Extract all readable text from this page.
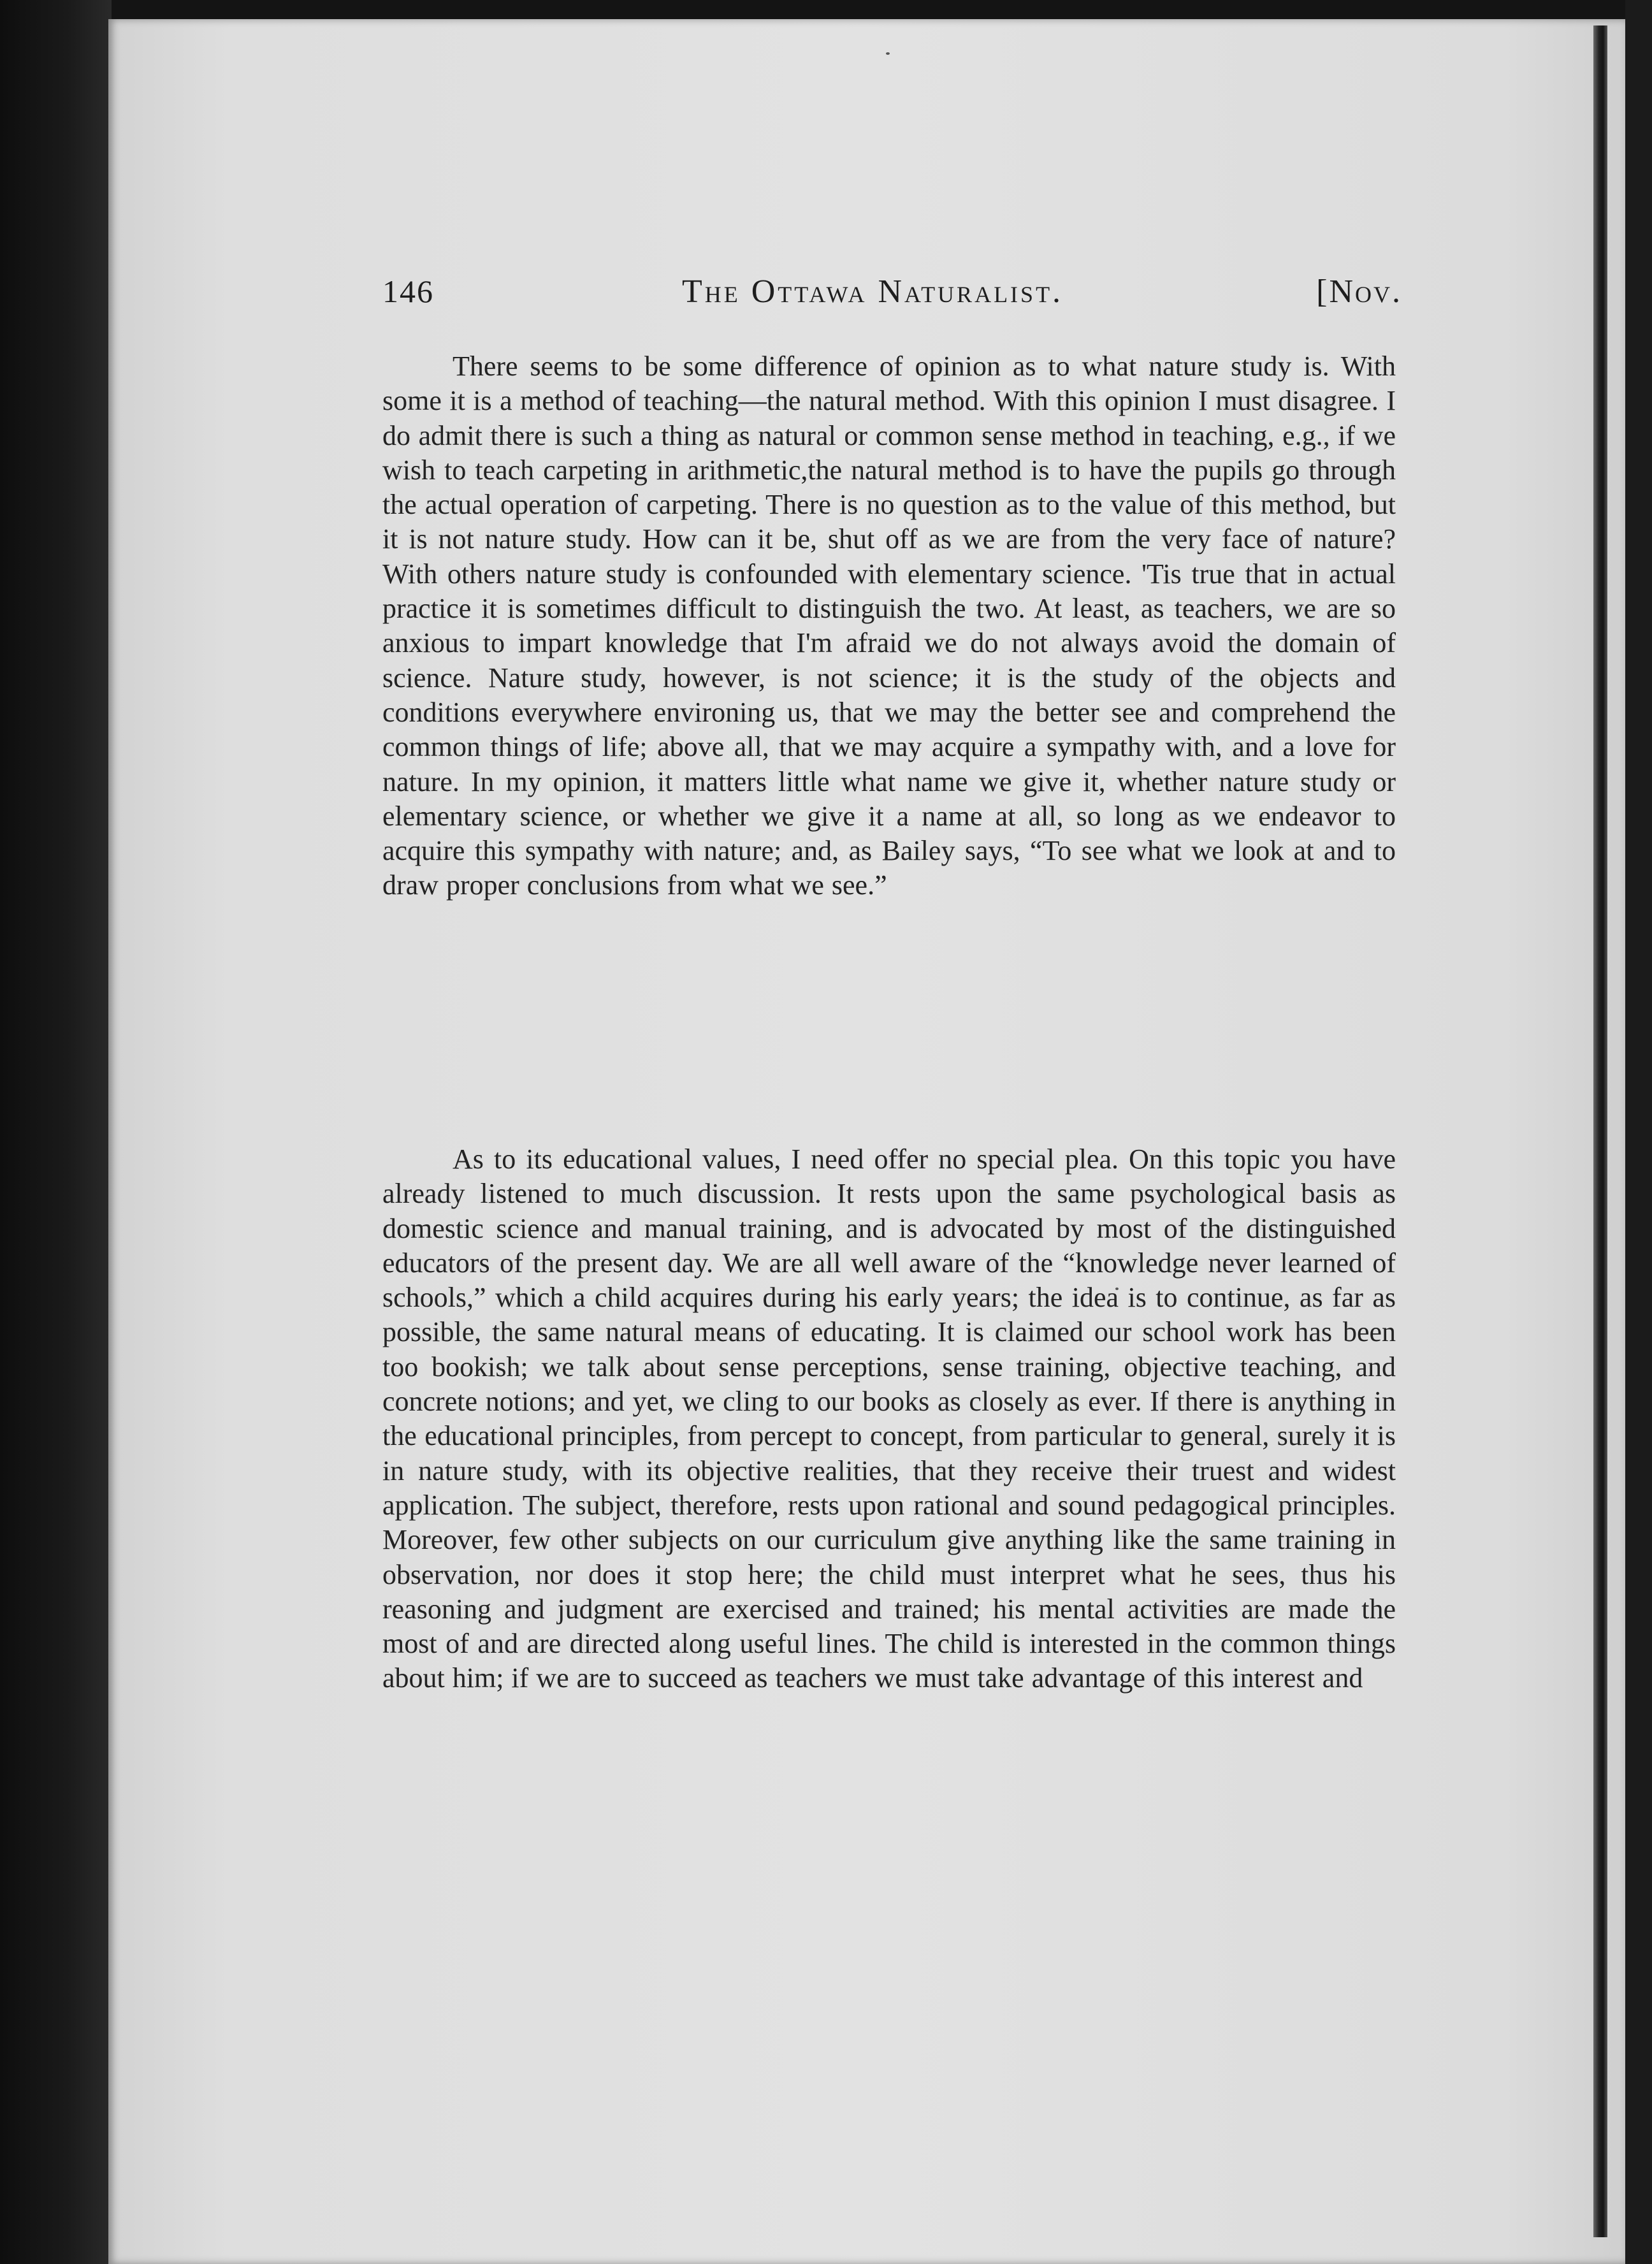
146	The Ottawa Naturalist.	[Nov.

There seems to be some difference of opinion as to what nature study is. With some it is a method of teaching—the natural method. With this opinion I must disagree. I do admit there is such a thing as natural or common sense method in teaching, e.g., if we wish to teach carpeting in arithmetic,the natural method is to have the pupils go through the actual operation of carpeting. There is no question as to the value of this method, but it is not nature study. How can it be, shut off as we are from the very face of nature? With others nature study is confounded with elementary science. 'Tis true that in actual practice it is sometimes difficult to distinguish the two. At least, as teachers, we are so anxious to impart knowledge that I'm afraid we do not always avoid the domain of science. Nature study, however, is not science; it is the study of the objects and conditions everywhere environing us, that we may the better see and comprehend the common things of life; above all, that we may acquire a sympathy with, and a love for nature. In my opinion, it matters little what name we give it, whether nature study or elementary science, or whether we give it a name at all, so long as we endeavor to acquire this sympathy with nature; and, as Bailey says, “To see what we look at and to draw proper conclusions from what we see.”

As to its educational values, I need offer no special plea. On this topic you have already listened to much discussion. It rests upon the same psychological basis as domestic science and manual training, and is advocated by most of the distinguished educators of the present day. We are all well aware of the “knowledge never learned of schools,” which a child acquires during his early years; the idea is to continue, as far as possible, the same natural means of educating. It is claimed our school work has been too bookish; we talk about sense perceptions, sense training, objective teaching, and concrete notions; and yet, we cling to our books as closely as ever. If there is anything in the educational principles, from percept to concept, from particular to general, surely it is in nature study, with its objective realities, that they receive their truest and widest application. The subject, therefore, rests upon rational and sound pedagogical principles. Moreover, few other subjects on our curriculum give anything like the same training in observation, nor does it stop here; the child must interpret what he sees, thus his reasoning and judgment are exercised and trained; his mental activities are made the most of and are directed along useful lines. The child is interested in the common things about him; if we are to succeed as teachers we must take advantage of this interest and
